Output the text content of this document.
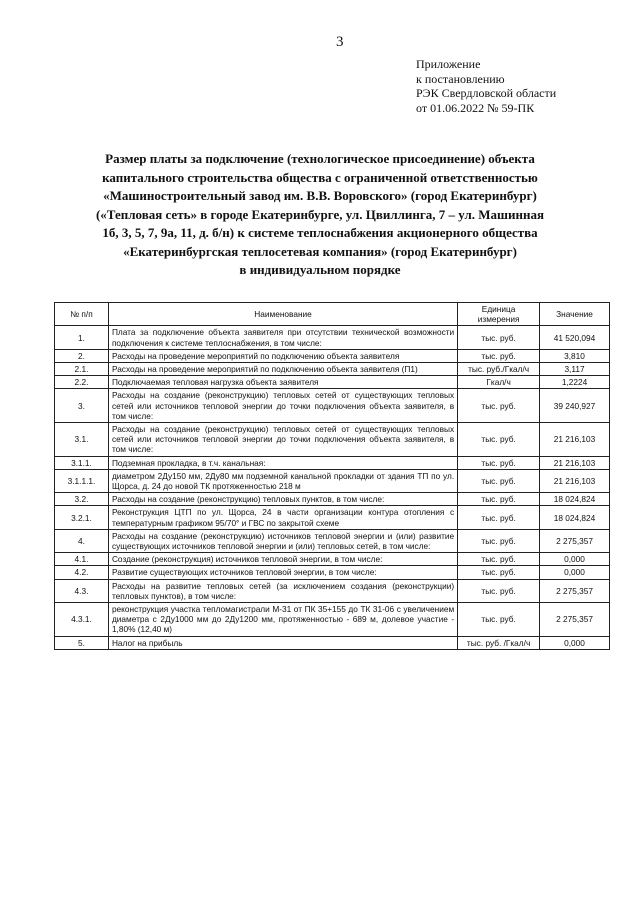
3
Приложение
к постановлению
РЭК Свердловской области
от 01.06.2022 № 59-ПК
Размер платы за подключение (технологическое присоединение) объекта
капитального строительства общества с ограниченной ответственностью
«Машиностроительный завод им. В.В. Воровского» (город Екатеринбург)
(«Тепловая сеть» в городе Екатеринбурге, ул. Цвиллинга, 7 – ул. Машинная
1б, 3, 5, 7, 9а, 11, д. б/н) к системе теплоснабжения акционерного общества
«Екатеринбургская теплосетевая компания» (город Екатеринбург)
в индивидуальном порядке
№ п/п	Наименование	Единица измерения	Значение
1.	Плата за подключение объекта заявителя при отсутствии технической возможности подключения к системе теплоснабжения, в том числе:	тыс. руб.	41 520,094
2.	Расходы на проведение мероприятий по подключению объекта заявителя	тыс. руб.	3,810
2.1.	Расходы на проведение мероприятий по подключению объекта заявителя (П1)	тыс. руб./Гкал/ч	3,117
2.2.	Подключаемая тепловая нагрузка объекта заявителя	Гкал/ч	1,2224
3.	Расходы на создание (реконструкцию) тепловых сетей от существующих тепловых сетей или источников тепловой энергии до точки подключения объекта заявителя, в том числе:	тыс. руб.	39 240,927
3.1.	Расходы на создание (реконструкцию) тепловых сетей от существующих тепловых сетей или источников тепловой энергии до точки подключения объекта заявителя, в том числе:	тыс. руб.	21 216,103
3.1.1.	Подземная прокладка, в т.ч. канальная:	тыс. руб.	21 216,103
3.1.1.1.	диаметром 2Ду150 мм, 2Ду80 мм подземной канальной прокладки от здания ТП по ул. Щорса, д. 24 до новой ТК протяженностью 218 м	тыс. руб.	21 216,103
3.2.	Расходы на создание (реконструкцию) тепловых пунктов, в том числе:	тыс. руб.	18 024,824
3.2.1.	Реконструкция ЦТП по ул. Щорса, 24 в части организации контура отопления с температурным графиком 95/70° и ГВС по закрытой схеме	тыс. руб.	18 024,824
4.	Расходы на создание (реконструкцию) источников тепловой энергии и (или) развитие существующих источников тепловой энергии и (или) тепловых сетей, в том числе:	тыс. руб.	2 275,357
4.1.	Создание (реконструкция) источников тепловой энергии, в том числе:	тыс. руб.	0,000
4.2.	Развитие существующих источников тепловой энергии, в том числе:	тыс. руб.	0,000
4.3.	Расходы на развитие тепловых сетей (за исключением создания (реконструкции) тепловых пунктов), в том числе:	тыс. руб.	2 275,357
4.3.1.	реконструкция участка тепломагистрали М-31 от ПК 35+155 до ТК 31-06 с увеличением диаметра с 2Ду1000 мм до 2Ду1200 мм, протяженностью - 689 м, долевое участие - 1,80% (12,40 м)	тыс. руб.	2 275,357
5.	Налог на прибыль	тыс. руб. /Гкал/ч	0,000
